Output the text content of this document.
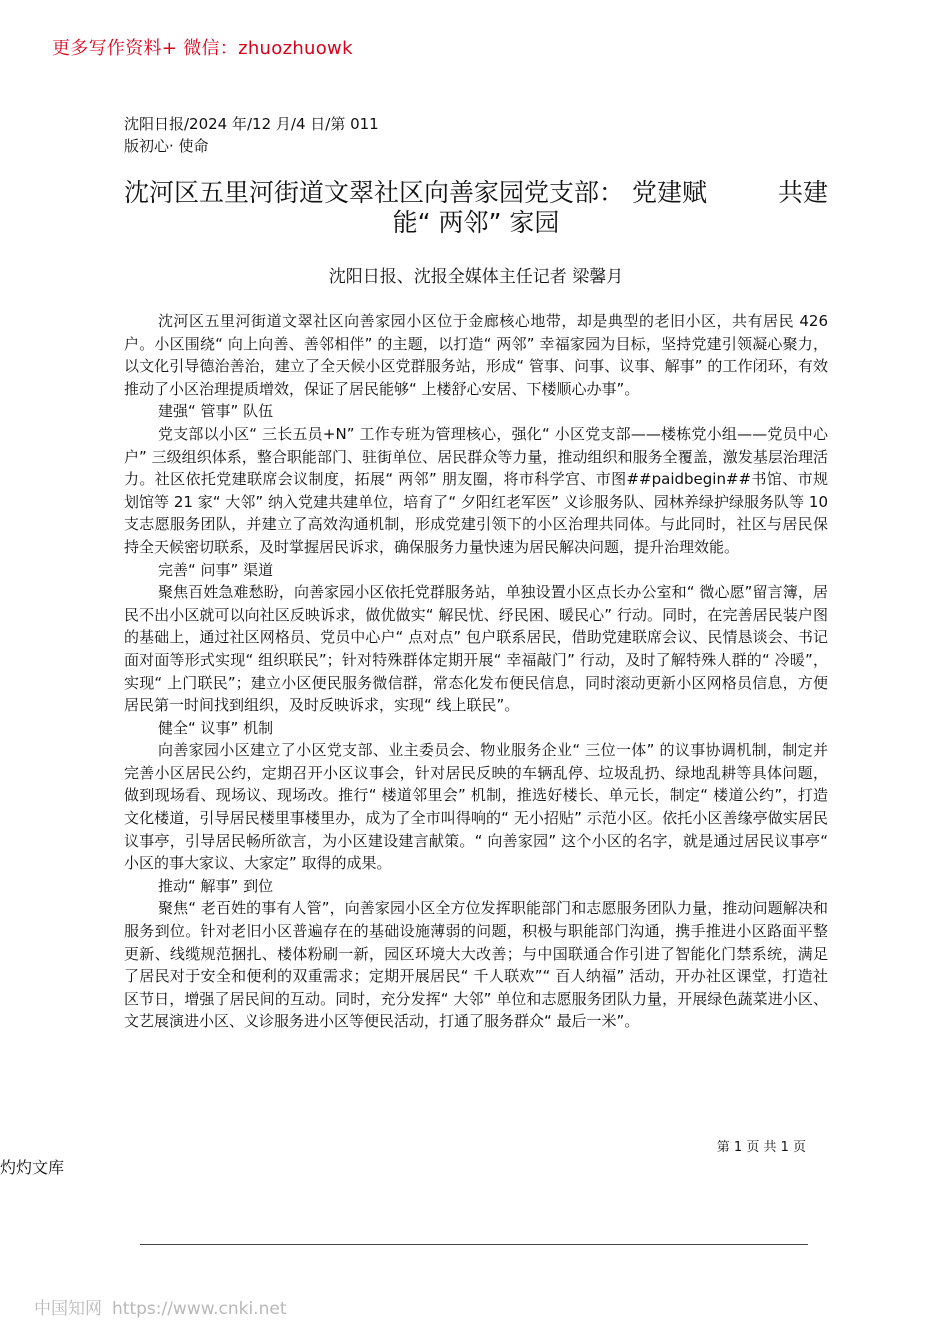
更多写作资料+ 微信：zhuozhuowk
沈阳日报/2024 年/12 月/4 日/第 011
版初心· 使命
沈河区五里河街道文翠社区向善家园党支部： 党建赋	共建
能“ 两邻” 家园
沈阳日报、沈报全媒体主任记者 梁馨月

沈河区五里河街道文翠社区向善家园小区位于金廊核心地带，却是典型的老旧小区，共有居民 426 户。小区围绕“ 向上向善、善邻相伴” 的主题，以打造“ 两邻” 幸福家园为目标，坚持党建引领凝心聚力，以文化引导德治善治，建立了全天候小区党群服务站，形成“ 管事、问事、议事、解事” 的工作闭环，有效推动了小区治理提质增效，保证了居民能够“ 上楼舒心安居、下楼顺心办事”。

建强“ 管事” 队伍

党支部以小区“ 三长五员+N” 工作专班为管理核心，强化“ 小区党支部——楼栋党小组——党员中心户” 三级组织体系，整合职能部门、驻街单位、居民群众等力量，推动组织和服务全覆盖，激发基层治理活力。社区依托党建联席会议制度，拓展“ 两邻” 朋友圈，将市科学宫、市图##paidbegin##书馆、市规划馆等 21 家“ 大邻” 纳入党建共建单位，培育了“ 夕阳红老军医” 义诊服务队、园林养绿护绿服务队等 10 支志愿服务团队，并建立了高效沟通机制，形成党建引领下的小区治理共同体。与此同时，社区与居民保持全天候密切联系，及时掌握居民诉求，确保服务力量快速为居民解决问题，提升治理效能。

完善“ 问事” 渠道

聚焦百姓急难愁盼，向善家园小区依托党群服务站，单独设置小区点长办公室和“ 微心愿”留言簿，居民不出小区就可以向社区反映诉求，做优做实“ 解民忧、纾民困、暖民心” 行动。同时，在完善居民装户图的基础上，通过社区网格员、党员中心户“ 点对点” 包户联系居民，借助党建联席会议、民情恳谈会、书记面对面等形式实现“ 组织联民”；针对特殊群体定期开展“ 幸福敲门” 行动，及时了解特殊人群的“ 冷暖”，实现“ 上门联民”；建立小区便民服务微信群，常态化发布便民信息，同时滚动更新小区网格员信息，方便居民第一时间找到组织，及时反映诉求，实现“ 线上联民”。

健全“ 议事” 机制

向善家园小区建立了小区党支部、业主委员会、物业服务企业“ 三位一体” 的议事协调机制，制定并完善小区居民公约，定期召开小区议事会，针对居民反映的车辆乱停、垃圾乱扔、绿地乱耕等具体问题，做到现场看、现场议、现场改。推行“ 楼道邻里会” 机制，推选好楼长、单元长，制定“ 楼道公约”，打造文化楼道，引导居民楼里事楼里办，成为了全市叫得响的“ 无小招贴” 示范小区。依托小区善缘亭做实居民议事亭，引导居民畅所欲言，为小区建设建言献策。“ 向善家园” 这个小区的名字，就是通过居民议事亭“ 小区的事大家议、大家定” 取得的成果。

推动“ 解事” 到位

聚焦“ 老百姓的事有人管”，向善家园小区全方位发挥职能部门和志愿服务团队力量，推动问题解决和服务到位。针对老旧小区普遍存在的基础设施薄弱的问题，积极与职能部门沟通，携手推进小区路面平整更新、线缆规范捆扎、楼体粉刷一新，园区环境大大改善；与中国联通合作引进了智能化门禁系统，满足了居民对于安全和便利的双重需求；定期开展居民“ 千人联欢”“ 百人纳福” 活动，开办社区课堂，打造社区节日，增强了居民间的互动。同时，充分发挥“ 大邻” 单位和志愿服务团队力量，开展绿色蔬菜进小区、文艺展演进小区、义诊服务进小区等便民活动，打通了服务群众“ 最后一米”。

第 1 页 共 1 页
灼灼文库
中国知网 https://www.cnki.net
